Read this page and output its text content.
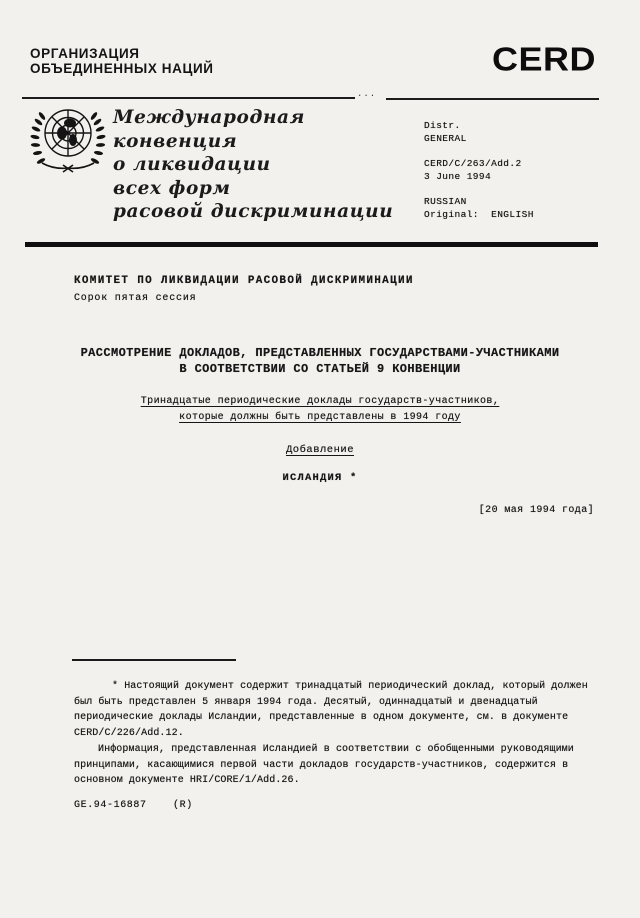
ОРГАНИЗАЦИЯ
ОБЪЕДИНЕННЫХ НАЦИЙ	CERD
···
Международная
конвенция
о ликвидации
всех форм
расовой дискриминации
Distr.
GENERAL
CERD/C/263/Add.2
3 June 1994
RUSSIAN
Original:  ENGLISH
КОМИТЕТ ПО ЛИКВИДАЦИИ РАСОВОЙ ДИСКРИМИНАЦИИ
Сорок пятая сессия
РАССМОТРЕНИЕ ДОКЛАДОВ, ПРЕДСТАВЛЕННЫХ ГОСУДАРСТВАМИ-УЧАСТНИКАМИ
В СООТВЕТСТВИИ СО СТАТЬЕЙ 9 КОНВЕНЦИИ
Тринадцатые периодические доклады государств-участников,
которые должны быть представлены в 1994 году
Добавление
ИСЛАНДИЯ *
[20 мая 1994 года]
* Настоящий документ содержит тринадцатый периодический доклад, который должен был быть представлен 5 января 1994 года. Десятый, одиннадцатый и двенадцатый периодические доклады Исландии, представленные в одном документе, см. в документе CERD/C/226/Add.12.
Информация, представленная Исландией в соответствии с обобщенными руководящими принципами, касающимися первой части докладов государств-участников, содержится в основном документе HRI/CORE/1/Add.26.
GE.94-16887    (R)
